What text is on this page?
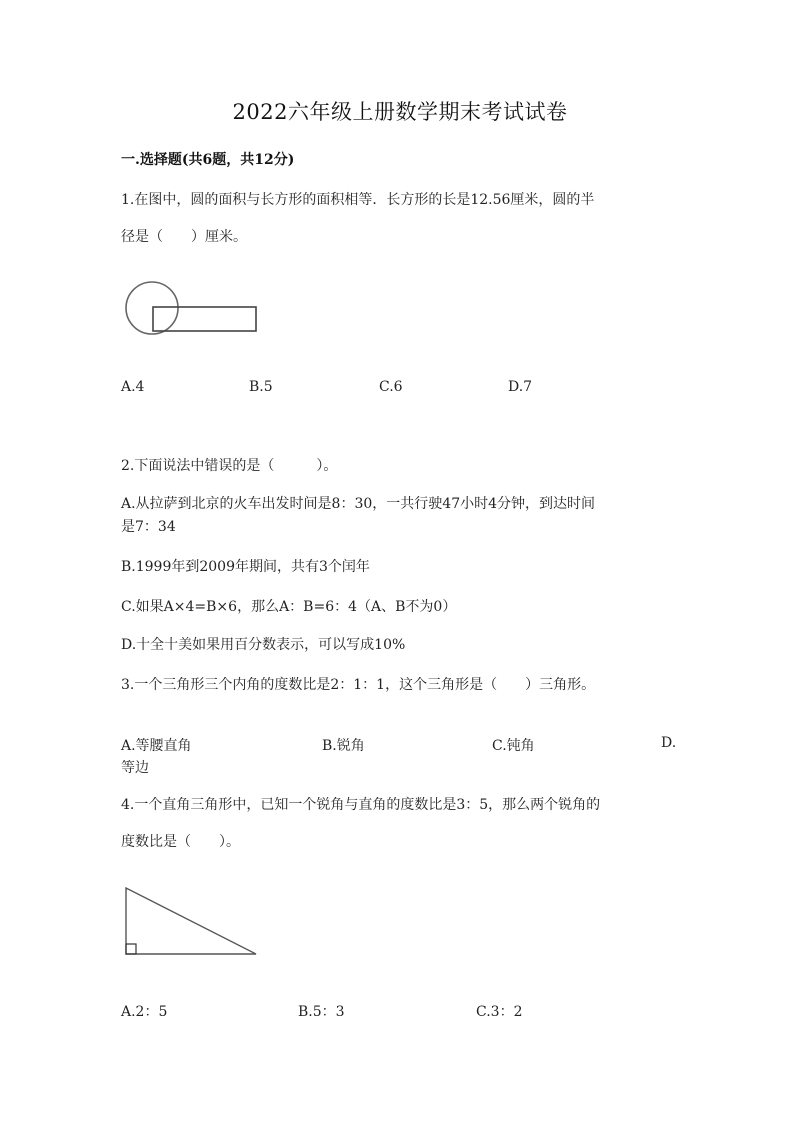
2022六年级上册数学期末考试试卷
一.选择题(共6题，共12分)
1.在图中，圆的面积与长方形的面积相等．长方形的长是12.56厘米，圆的半
径是（　　）厘米。
A.4	B.5	C.6	D.7
2.下面说法中错误的是（　　　）。
A.从拉萨到北京的火车出发时间是8：30，一共行驶47小时4分钟，到达时间
是7：34
B.1999年到2009年期间，共有3个闰年
C.如果A×4=B×6，那么A：B=6：4（A、B不为0）
D.十全十美如果用百分数表示，可以写成10%
3.一个三角形三个内角的度数比是2：1：1，这个三角形是（　　）三角形。
A.等腰直角	B.锐角	C.钝角	D.
等边
4.一个直角三角形中，已知一个锐角与直角的度数比是3：5，那么两个锐角的
度数比是（　　）。
A.2：5	B.5：3	C.3：2
